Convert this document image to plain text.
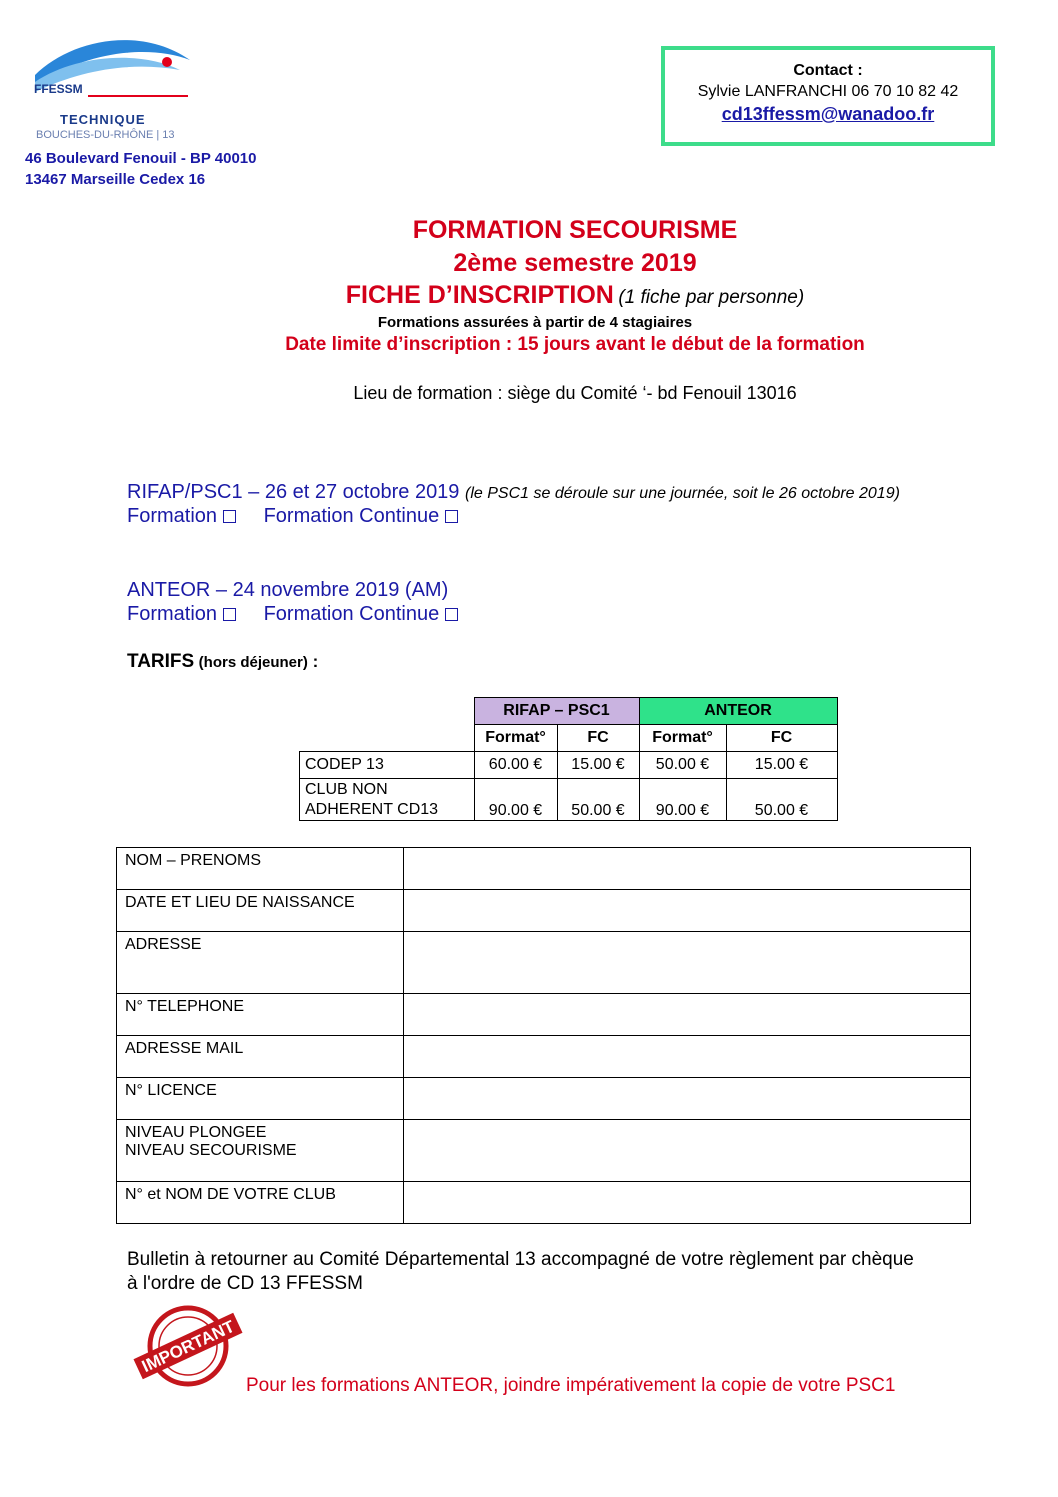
FFESSM
TECHNIQUE
BOUCHES-DU-RHÔNE | 13
46 Boulevard Fenouil - BP 40010
13467 Marseille Cedex 16
Contact :
Sylvie LANFRANCHI 06 70 10 82 42
cd13ffessm@wanadoo.fr
FORMATION SECOURISME
2ème semestre 2019
FICHE D’INSCRIPTION (1 fiche par personne)
Formations assurées à partir de 4 stagiaires
Date limite d’inscription : 15 jours avant le début de la formation
Lieu de formation : siège du Comité ‘- bd Fenouil 13016
RIFAP/PSC1 – 26 et 27 octobre 2019 (le PSC1 se déroule sur une journée, soit le 26 octobre 2019)
Formation Formation Continue
ANTEOR – 24 novembre 2019 (AM)
Formation Formation Continue
TARIFS (hors déjeuner) :
	RIFAP – PSC1		ANTEOR	
	Format°	FC	Format°	FC
CODEP 13	60.00 €	15.00 €	50.00 €	15.00 €
CLUB NON ADHERENT CD13	90.00 €	50.00 €	90.00 €	50.00 €
NOM – PRENOMS	
DATE ET LIEU DE NAISSANCE	
ADRESSE	
N° TELEPHONE	
ADRESSE MAIL	
N° LICENCE	
NIVEAU PLONGEE
NIVEAU SECOURISME	
N° et NOM DE VOTRE CLUB	
Bulletin à retourner au Comité Départemental 13 accompagné de votre règlement par chèque
à l'ordre de CD 13 FFESSM
IMPORTANT
Pour les formations ANTEOR, joindre impérativement la copie de votre PSC1
